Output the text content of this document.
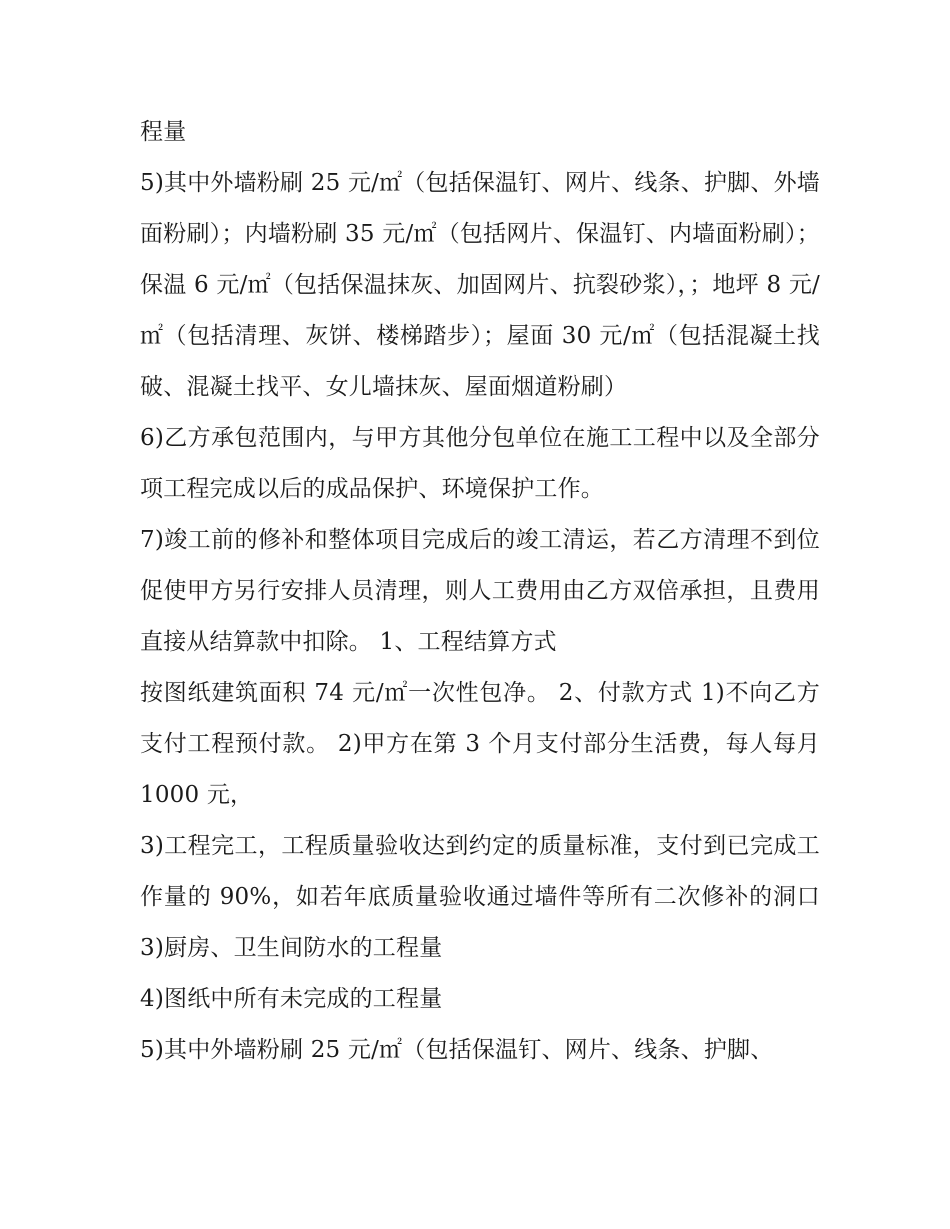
程量

5)其中外墙粉刷 25 元/㎡（包括保温钉、网片、线条、护脚、外墙面粉刷）；内墙粉刷 35 元/㎡（包括网片、保温钉、内墙面粉刷）；保温 6 元/㎡（包括保温抹灰、加固网片、抗裂砂浆），；地坪 8 元/㎡（包括清理、灰饼、楼梯踏步）；屋面 30 元/㎡（包括混凝土找破、混凝土找平、女儿墙抹灰、屋面烟道粉刷）

6)乙方承包范围内，与甲方其他分包单位在施工工程中以及全部分项工程完成以后的成品保护、环境保护工作。

7)竣工前的修补和整体项目完成后的竣工清运，若乙方清理不到位促使甲方另行安排人员清理，则人工费用由乙方双倍承担，且费用直接从结算款中扣除。 1、工程结算方式

按图纸建筑面积 74 元/㎡一次性包净。 2、付款方式 1)不向乙方支付工程预付款。 2)甲方在第 3 个月支付部分生活费，每人每月 1000 元，

3)工程完工，工程质量验收达到约定的质量标准，支付到已完成工作量的 90%，如若年底质量验收通过墙件等所有二次修补的洞口 3)厨房、卫生间防水的工程量

4)图纸中所有未完成的工程量

5)其中外墙粉刷 25 元/㎡（包括保温钉、网片、线条、护脚、
